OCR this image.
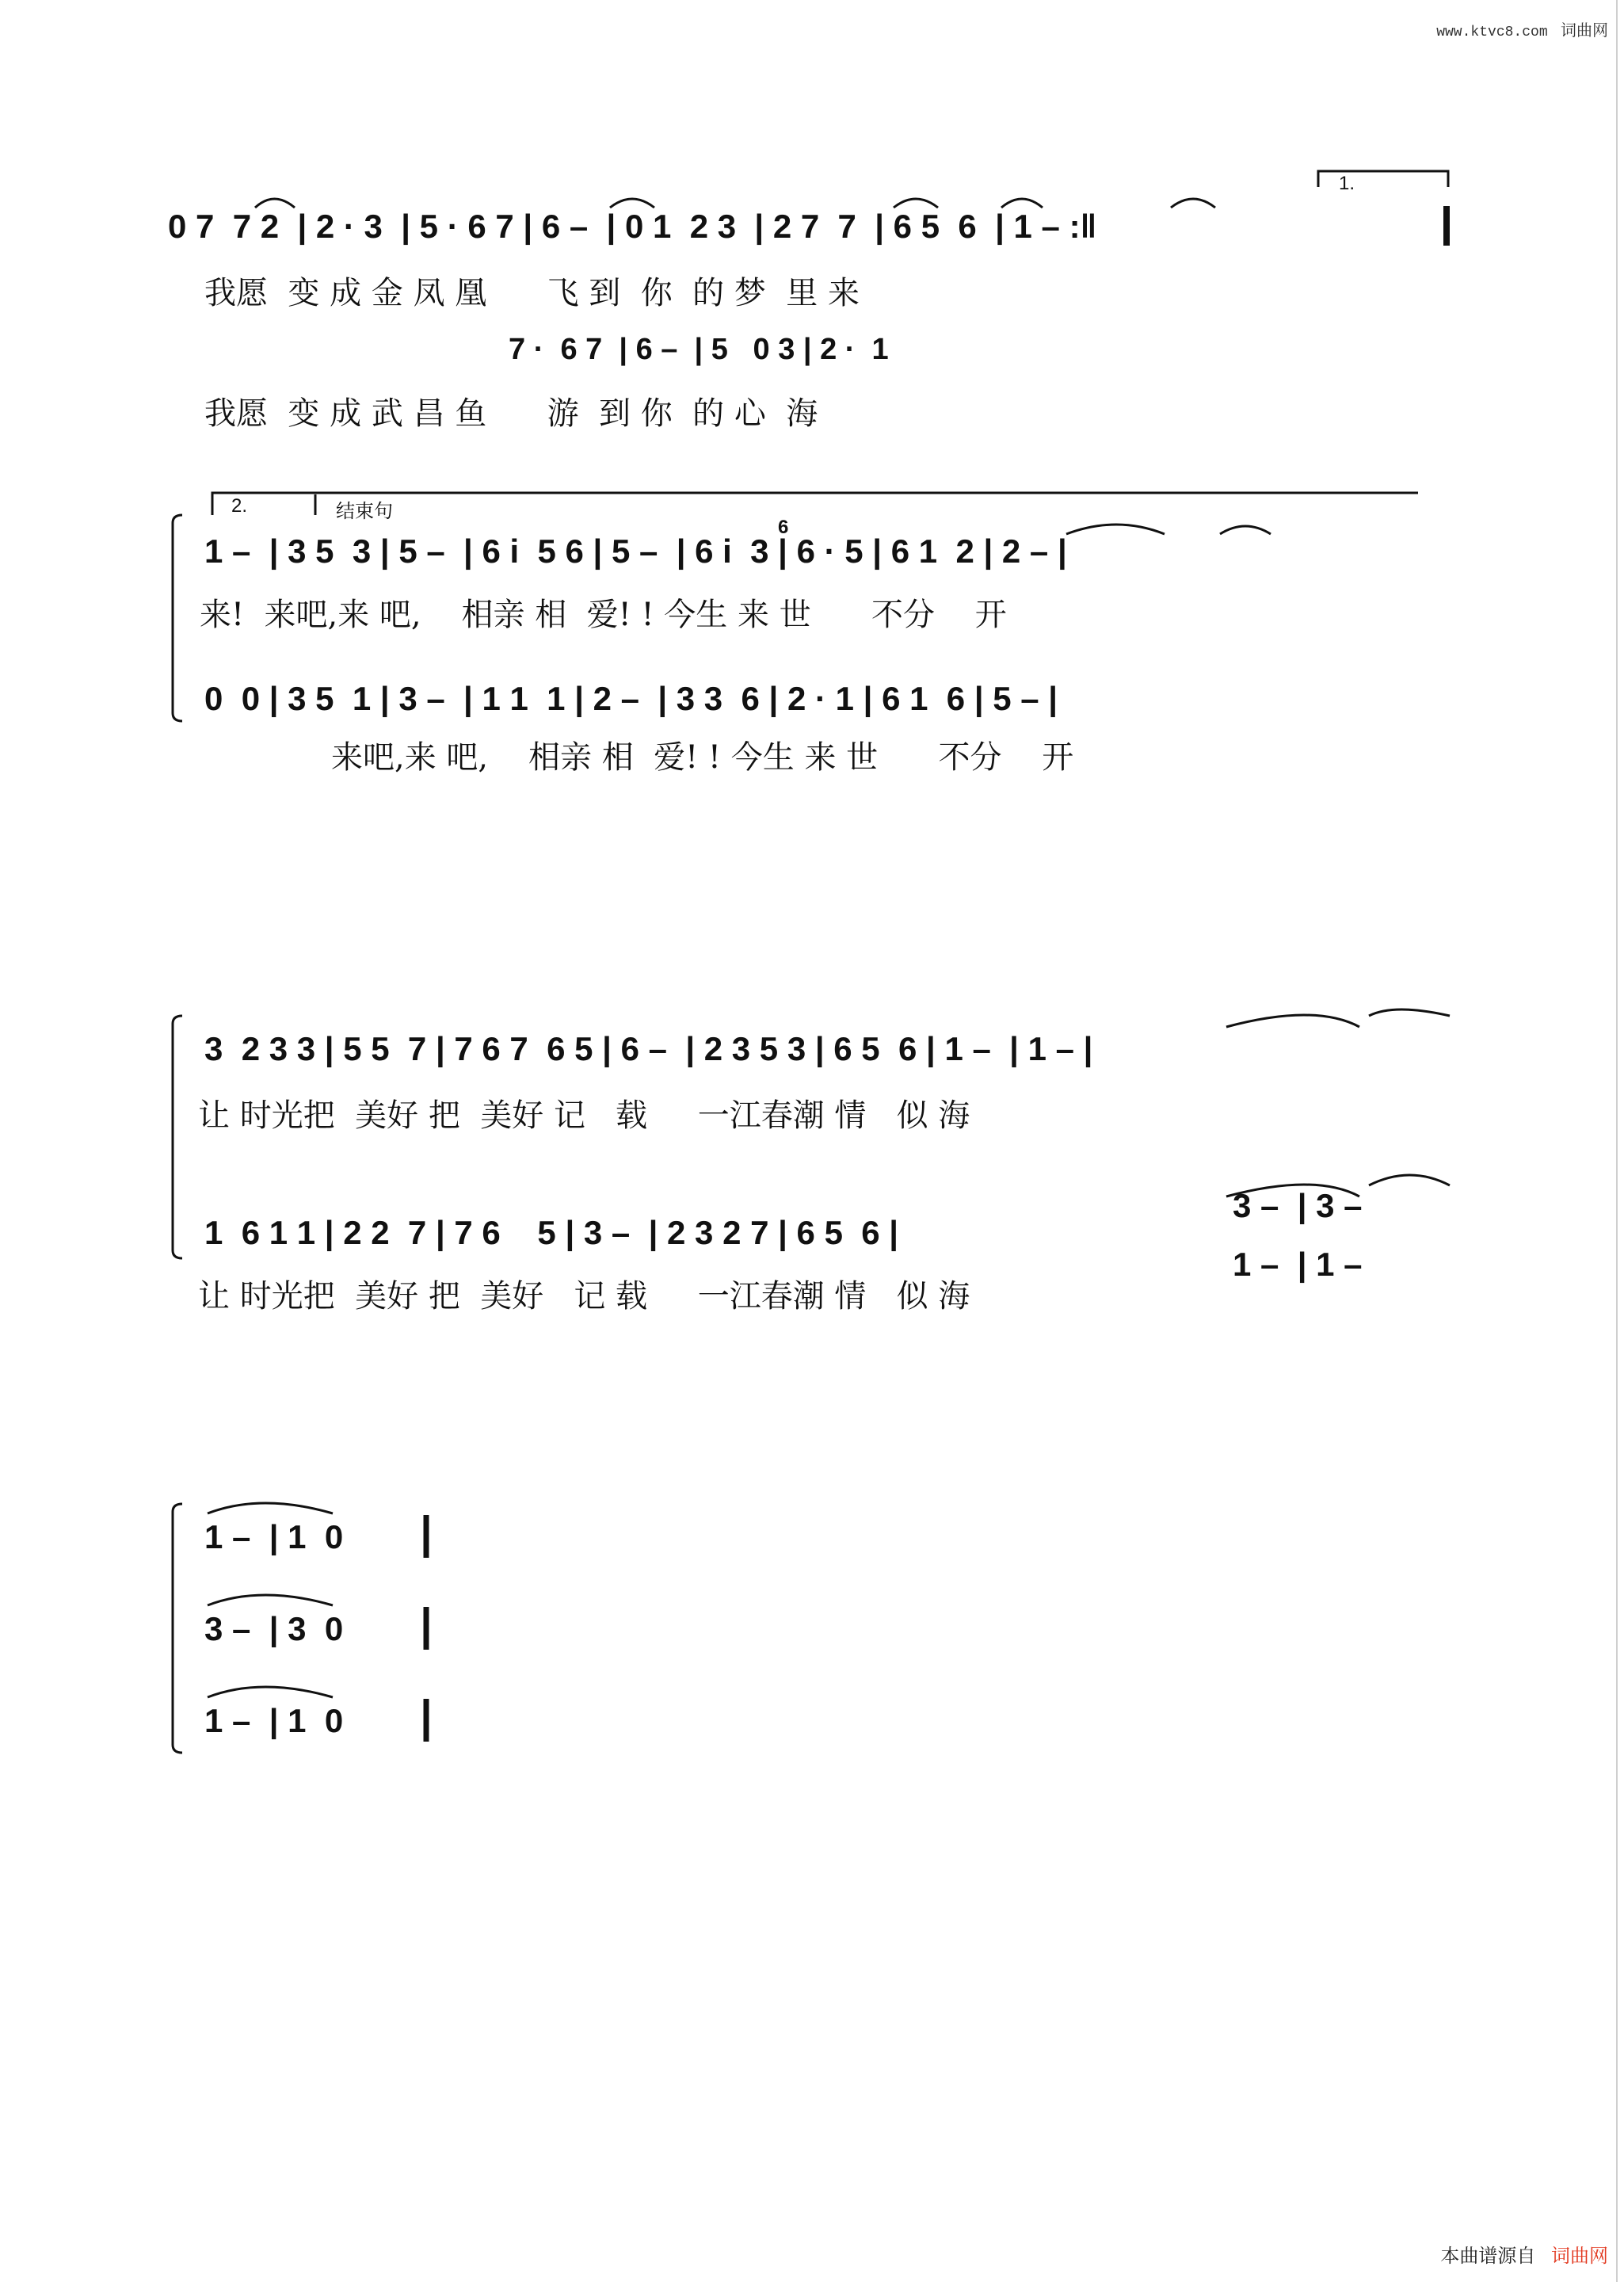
www.ktvc8.com 词曲网
0 7  7 2  | 2 · 3  | 5 · 6 7 | 6 –  | 0 1  2 3  | 2 7  7  | 6 5  6  | 1 – :‖
1.
我愿  变 成 金 凤 凰      飞 到  你  的 梦  里 来
7 ·  6 7  | 6 –  | 5   0 3 | 2 ·  1
我愿  变 成 武 昌 鱼      游  到 你  的 心  海
2.	结束句
1 –  | 3 5  3 | 5 –  | 6 i  5 6 | 5 –  | 6 i  3 | 6 · 5 | 6 1  2 | 2 – |
6
来!  来吧,来 吧,    相亲 相  爱! ! 今生 来 世      不分    开
0  0 | 3 5  1 | 3 –  | 1 1  1 | 2 –  | 3 3  6 | 2 · 1 | 6 1  6 | 5 – |
来吧,来 吧,    相亲 相  爱! ! 今生 来 世      不分    开
3  2 3 3 | 5 5  7 | 7 6 7  6 5 | 6 –  | 2 3 5 3 | 6 5  6 | 1 –  | 1 – |
让 时光把  美好 把  美好 记   载     一江春潮 情   似 海
1  6 1 1 | 2 2  7 | 7 6    5 | 3 –  | 2 3 2 7 | 6 5  6 |
3 –  | 3 –
1 –  | 1 –
让 时光把  美好 把  美好   记 载     一江春潮 情   似 海
1 –  | 1  0
3 –  | 3  0
1 –  | 1  0
本曲谱源自 词曲网
